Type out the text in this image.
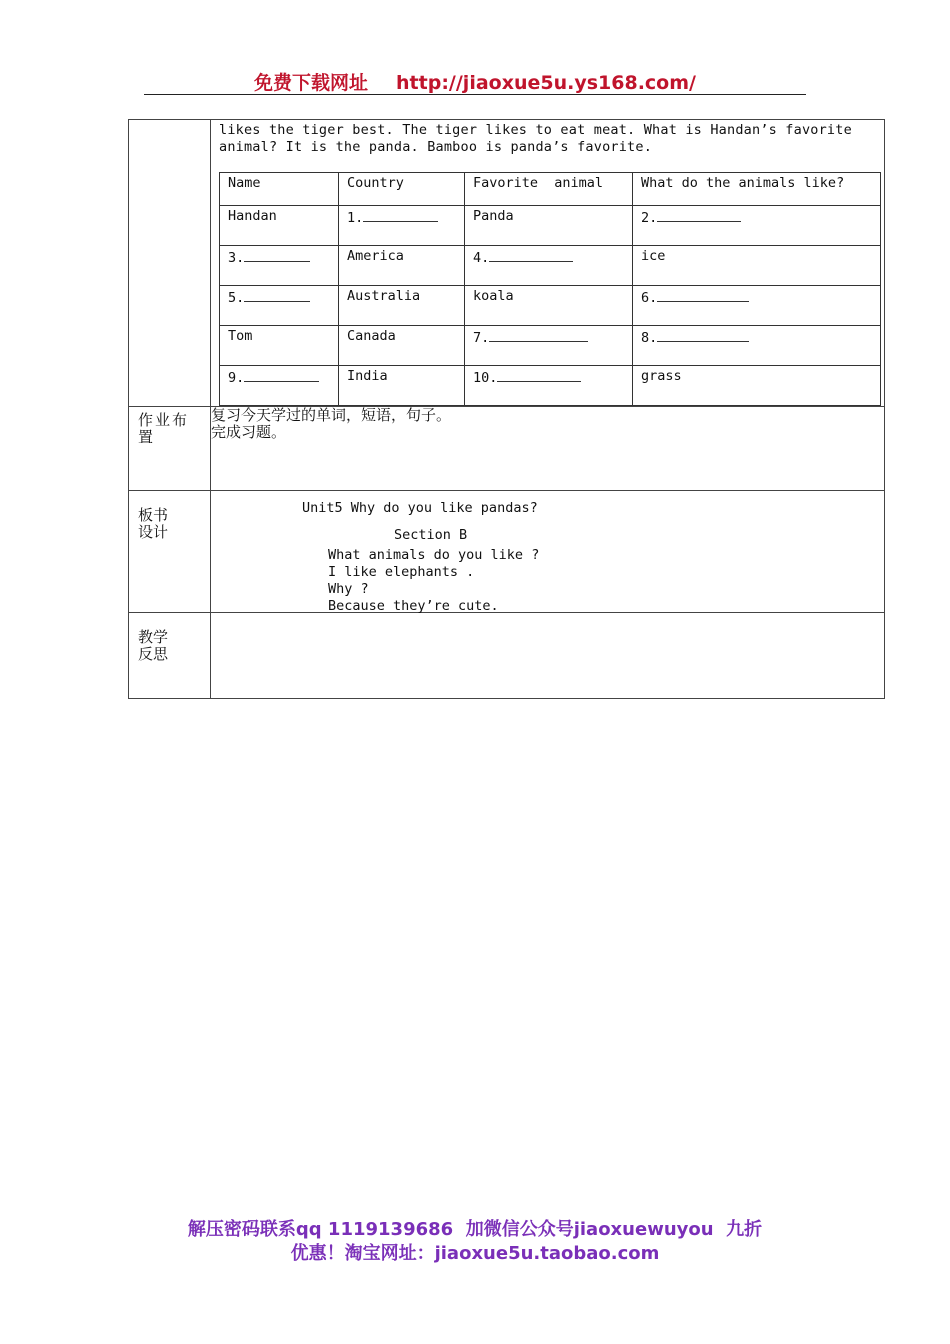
免费下载网址 http://jiaoxue5u.ys168.com/

likes the tiger best. The tiger likes to eat meat. What is Handan’s favorite
animal? It is the panda. Bamboo is panda’s favorite.
Name	Country	Favorite  animal	What do the animals like?
Handan	1.	Panda	2.
3.	America	4.	ice
5.	Australia	koala	6.
Tom	Canada	7.	8.
9.	India	10.	grass

作业布置

复习今天学过的单词，短语，句子。
完成习题。

板书
设计

Unit5 Why do you like pandas?
Section B
What animals do you like ?
I like elephants .
Why ?
Because they’re cute.

教学
反思

解压密码联系qq 1119139686  加微信公众号jiaoxuewuyou  九折
优惠！淘宝网址：jiaoxue5u.taobao.com
